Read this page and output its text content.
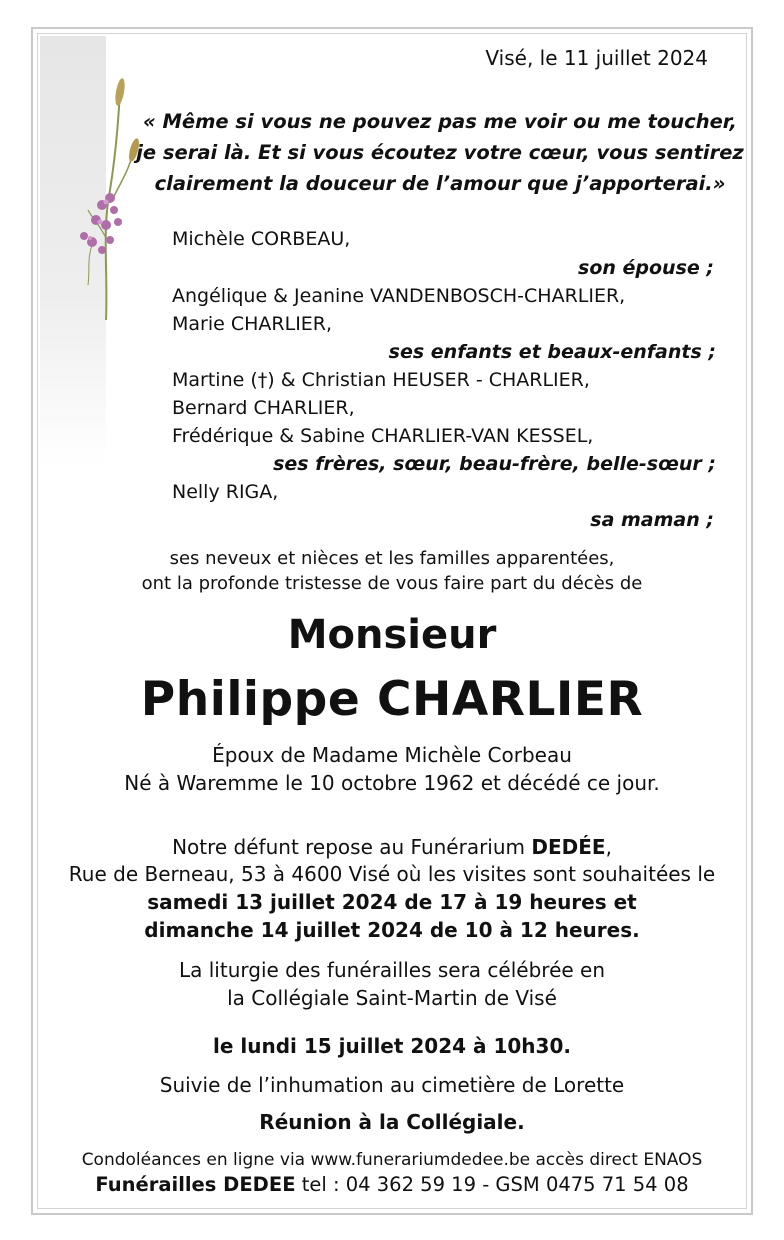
Visé, le 11 juillet 2024
« Même si vous ne pouvez pas me voir ou me toucher,
je serai là. Et si vous écoutez votre cœur, vous sentirez
clairement la douceur de l’amour que j’apporterai.»
Michèle CORBEAU,
son épouse ;
Angélique & Jeanine VANDENBOSCH-CHARLIER,
Marie CHARLIER,
ses enfants et beaux-enfants ;
Martine (†) & Christian HEUSER - CHARLIER,
Bernard CHARLIER,
Frédérique & Sabine CHARLIER-VAN KESSEL,
ses frères, sœur, beau-frère, belle-sœur ;
Nelly RIGA,
sa maman ;
ses neveux et nièces et les familles apparentées,
ont la profonde tristesse de vous faire part du décès de
Monsieur
Philippe CHARLIER
Époux de Madame Michèle Corbeau
Né à Waremme le 10 octobre 1962 et décédé ce jour.
Notre défunt repose au Funérarium DEDÉE,
Rue de Berneau, 53 à 4600 Visé où les visites sont souhaitées le
samedi 13 juillet 2024 de 17 à 19 heures et
dimanche 14 juillet 2024 de 10 à 12 heures.
La liturgie des funérailles sera célébrée en
la Collégiale Saint-Martin de Visé
le lundi 15 juillet 2024 à 10h30.
Suivie de l’inhumation au cimetière de Lorette
Réunion à la Collégiale.
Condoléances en ligne via www.funerariumdedee.be accès direct ENAOS
Funérailles DEDEE tel : 04 362 59 19 - GSM 0475 71 54 08
